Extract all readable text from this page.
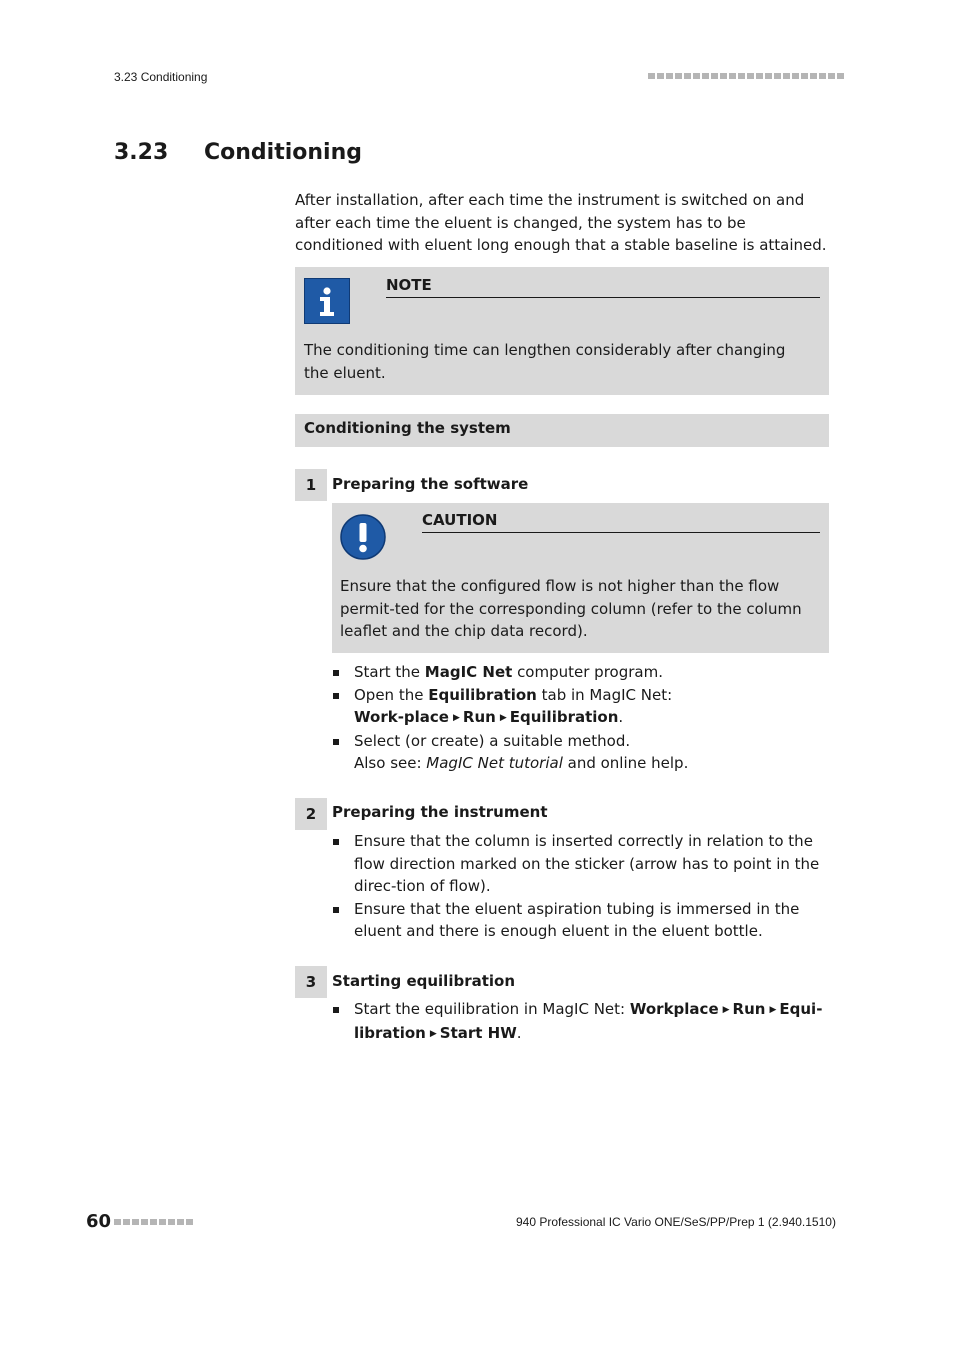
3.23 Conditioning
3.23 Conditioning
After installation, after each time the instrument is switched on and after each time the eluent is changed, the system has to be conditioned with eluent long enough that a stable baseline is attained.
NOTE
The conditioning time can lengthen considerably after changing the eluent.
Conditioning the system
1	Preparing the software
CAUTION
Ensure that the configured flow is not higher than the flow permit-ted for the corresponding column (refer to the column leaflet and the chip data record).
Start the MagIC Net computer program.
Open the Equilibration tab in MagIC Net: Work-place ▶ Run ▶ Equilibration.
Select (or create) a suitable method.
Also see: MagIC Net tutorial and online help.
2	Preparing the instrument
Ensure that the column is inserted correctly in relation to the flow direction marked on the sticker (arrow has to point in the direc-tion of flow).
Ensure that the eluent aspiration tubing is immersed in the eluent and there is enough eluent in the eluent bottle.
3	Starting equilibration
Start the equilibration in MagIC Net: Workplace ▶ Run ▶ Equi-libration ▶ Start HW.
60	940 Professional IC Vario ONE/SeS/PP/Prep 1 (2.940.1510)
